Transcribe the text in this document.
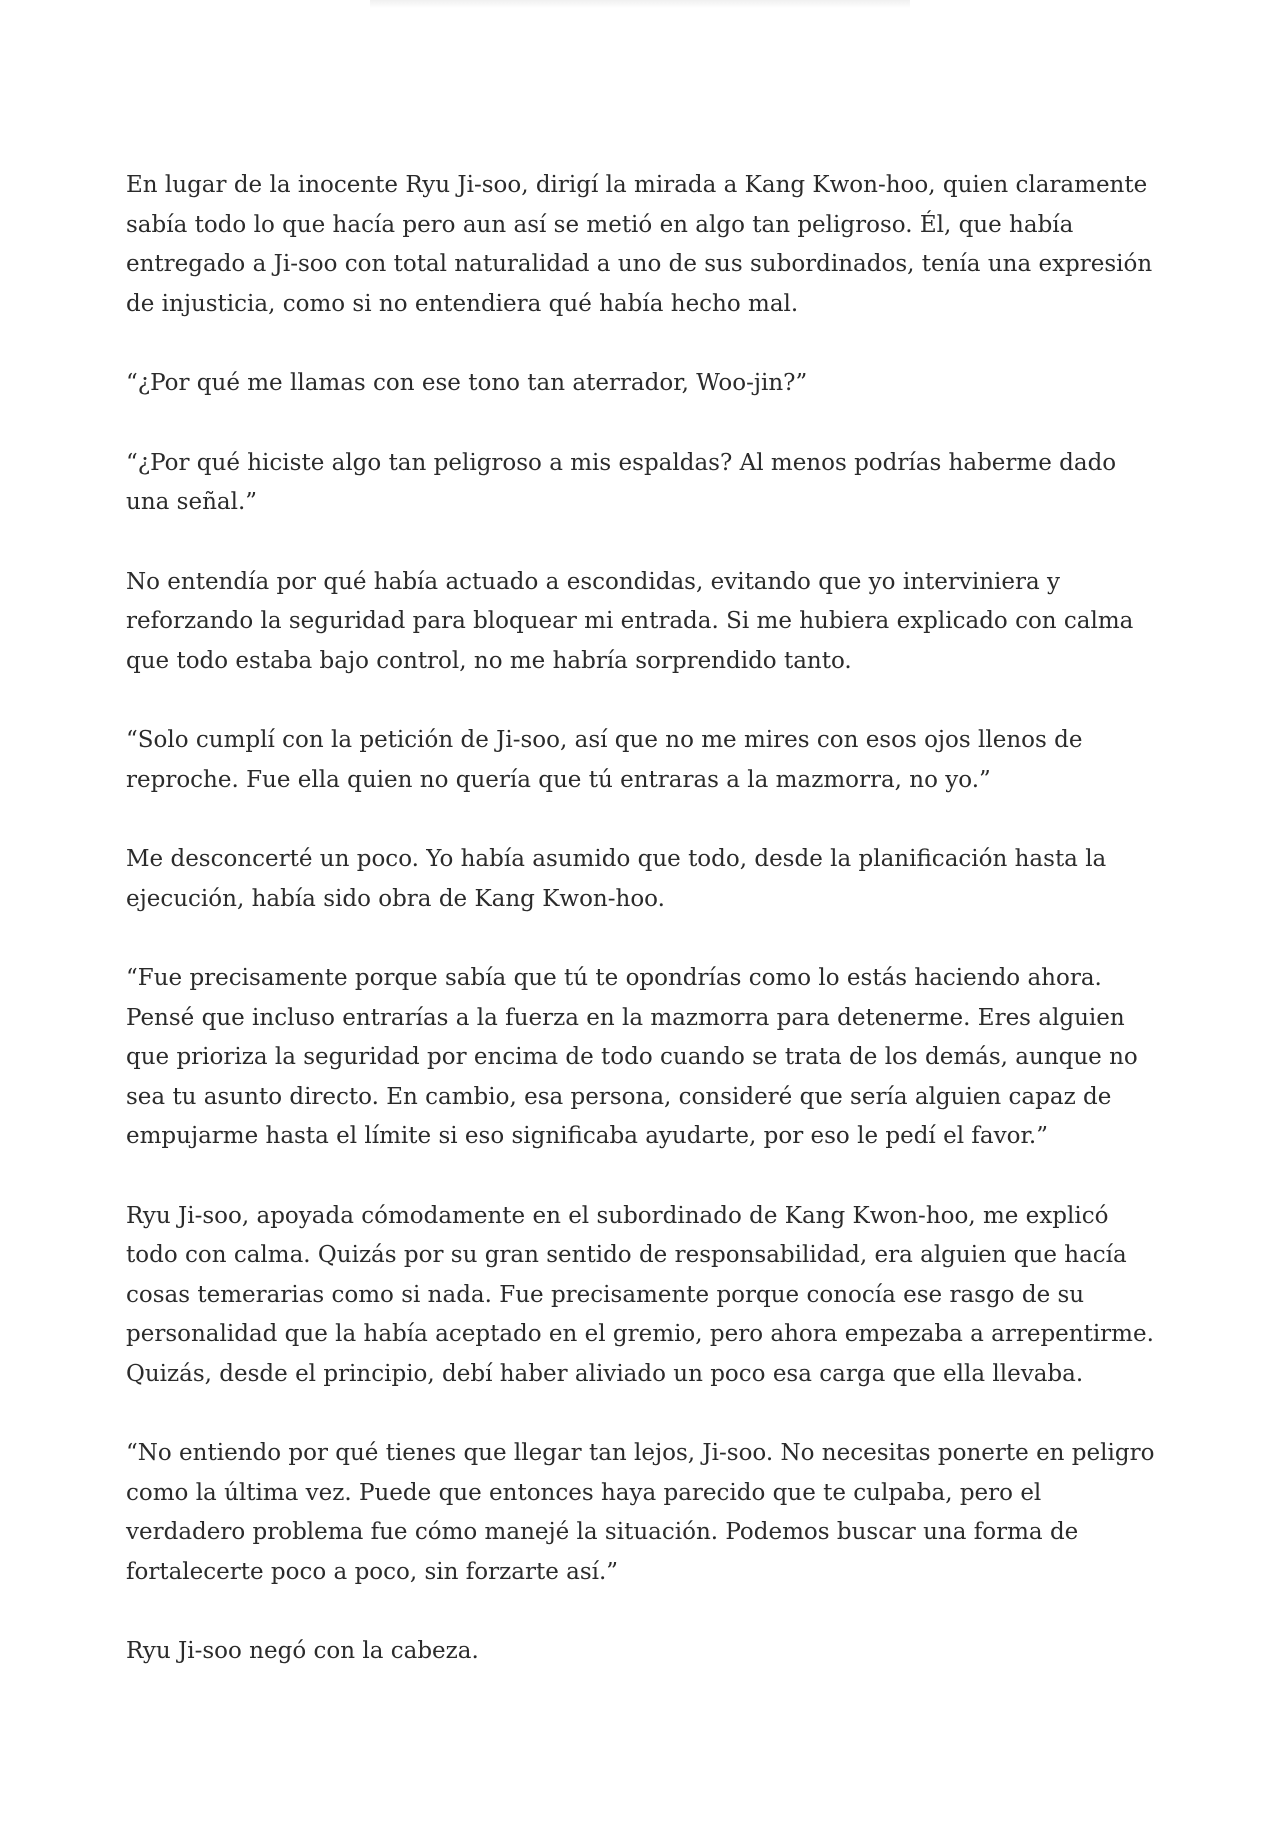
En lugar de la inocente Ryu Ji-soo, dirigí la mirada a Kang Kwon-hoo, quien claramente sabía todo lo que hacía pero aun así se metió en algo tan peligroso. Él, que había entregado a Ji-soo con total naturalidad a uno de sus subordinados, tenía una expresión de injusticia, como si no entendiera qué había hecho mal.

“¿Por qué me llamas con ese tono tan aterrador, Woo-jin?”

“¿Por qué hiciste algo tan peligroso a mis espaldas? Al menos podrías haberme dado una señal.”

No entendía por qué había actuado a escondidas, evitando que yo interviniera y reforzando la seguridad para bloquear mi entrada. Si me hubiera explicado con calma que todo estaba bajo control, no me habría sorprendido tanto.

“Solo cumplí con la petición de Ji-soo, así que no me mires con esos ojos llenos de reproche. Fue ella quien no quería que tú entraras a la mazmorra, no yo.”

Me desconcerté un poco. Yo había asumido que todo, desde la planificación hasta la ejecución, había sido obra de Kang Kwon-hoo.

“Fue precisamente porque sabía que tú te opondrías como lo estás haciendo ahora. Pensé que incluso entrarías a la fuerza en la mazmorra para detenerme. Eres alguien que prioriza la seguridad por encima de todo cuando se trata de los demás, aunque no sea tu asunto directo. En cambio, esa persona, consideré que sería alguien capaz de empujarme hasta el límite si eso significaba ayudarte, por eso le pedí el favor.”

Ryu Ji-soo, apoyada cómodamente en el subordinado de Kang Kwon-hoo, me explicó todo con calma. Quizás por su gran sentido de responsabilidad, era alguien que hacía cosas temerarias como si nada. Fue precisamente porque conocía ese rasgo de su personalidad que la había aceptado en el gremio, pero ahora empezaba a arrepentirme. Quizás, desde el principio, debí haber aliviado un poco esa carga que ella llevaba.

“No entiendo por qué tienes que llegar tan lejos, Ji-soo. No necesitas ponerte en peligro como la última vez. Puede que entonces haya parecido que te culpaba, pero el verdadero problema fue cómo manejé la situación. Podemos buscar una forma de fortalecerte poco a poco, sin forzarte así.”

Ryu Ji-soo negó con la cabeza.
